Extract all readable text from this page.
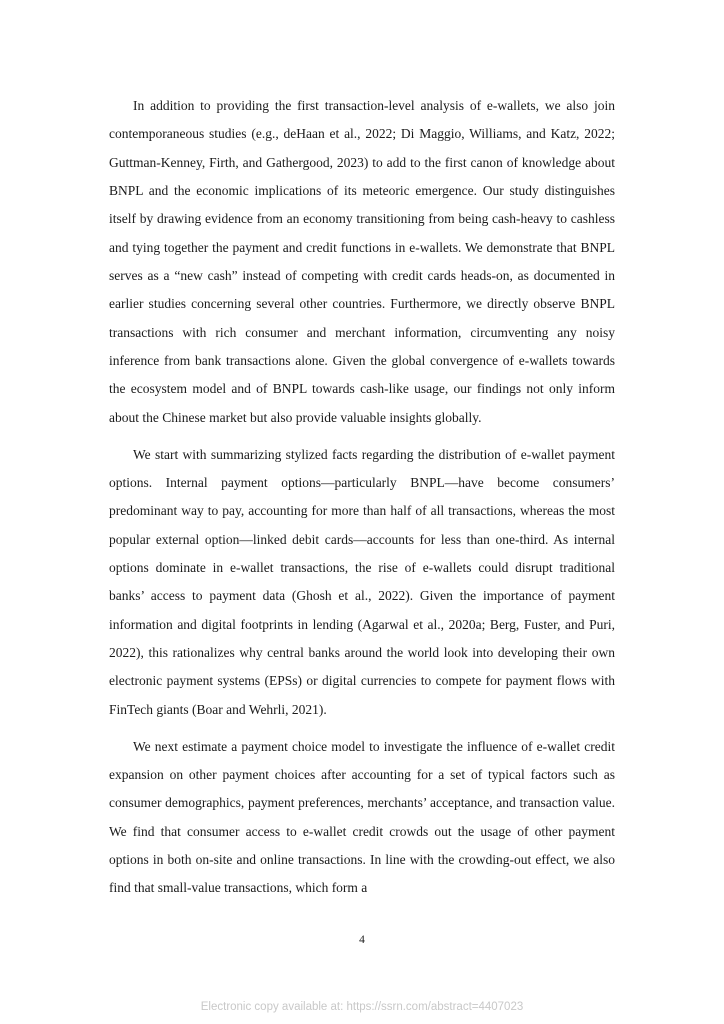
In addition to providing the first transaction-level analysis of e-wallets, we also join contemporaneous studies (e.g., deHaan et al., 2022; Di Maggio, Williams, and Katz, 2022; Guttman-Kenney, Firth, and Gathergood, 2023) to add to the first canon of knowledge about BNPL and the economic implications of its meteoric emergence. Our study distinguishes itself by drawing evidence from an economy transitioning from being cash-heavy to cashless and tying together the payment and credit functions in e-wallets. We demonstrate that BNPL serves as a “new cash” instead of competing with credit cards heads-on, as documented in earlier studies concerning several other countries. Furthermore, we directly observe BNPL transactions with rich consumer and merchant information, circumventing any noisy inference from bank transactions alone. Given the global convergence of e-wallets towards the ecosystem model and of BNPL towards cash-like usage, our findings not only inform about the Chinese market but also provide valuable insights globally.

We start with summarizing stylized facts regarding the distribution of e-wallet payment options. Internal payment options—particularly BNPL—have become consumers’ predominant way to pay, accounting for more than half of all transactions, whereas the most popular external option—linked debit cards—accounts for less than one-third. As internal options dominate in e-wallet transactions, the rise of e-wallets could disrupt traditional banks’ access to payment data (Ghosh et al., 2022). Given the importance of payment information and digital footprints in lending (Agarwal et al., 2020a; Berg, Fuster, and Puri, 2022), this rationalizes why central banks around the world look into developing their own electronic payment systems (EPSs) or digital currencies to compete for payment flows with FinTech giants (Boar and Wehrli, 2021).

We next estimate a payment choice model to investigate the influence of e-wallet credit expansion on other payment choices after accounting for a set of typical factors such as consumer demographics, payment preferences, merchants’ acceptance, and transaction value. We find that consumer access to e-wallet credit crowds out the usage of other payment options in both on-site and online transactions. In line with the crowding-out effect, we also find that small-value transactions, which form a

4
Electronic copy available at: https://ssrn.com/abstract=4407023
